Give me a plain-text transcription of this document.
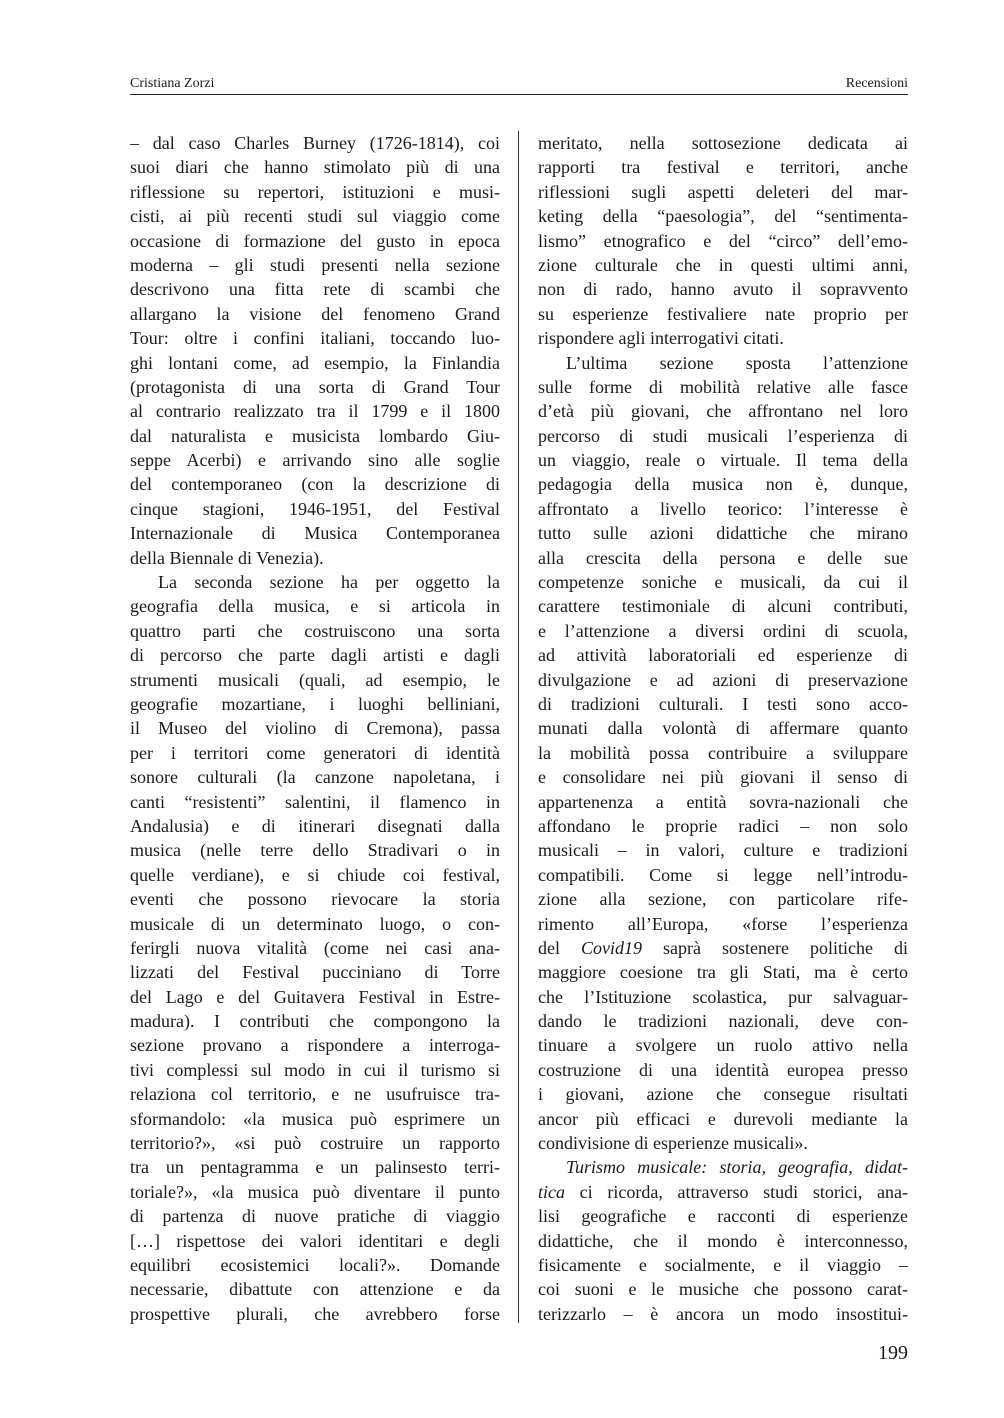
Cristiana Zorzi	Recensioni
– dal caso Charles Burney (1726-1814), coi
suoi diari che hanno stimolato più di una
riflessione su repertori, istituzioni e musi-
cisti, ai più recenti studi sul viaggio come
occasione di formazione del gusto in epoca
moderna – gli studi presenti nella sezione
descrivono una fitta rete di scambi che
allargano la visione del fenomeno Grand
Tour: oltre i confini italiani, toccando luo-
ghi lontani come, ad esempio, la Finlandia
(protagonista di una sorta di Grand Tour
al contrario realizzato tra il 1799 e il 1800
dal naturalista e musicista lombardo Giu-
seppe Acerbi) e arrivando sino alle soglie
del contemporaneo (con la descrizione di
cinque stagioni, 1946-1951, del Festival
Internazionale di Musica Contemporanea
della Biennale di Venezia).
La seconda sezione ha per oggetto la
geografia della musica, e si articola in
quattro parti che costruiscono una sorta
di percorso che parte dagli artisti e dagli
strumenti musicali (quali, ad esempio, le
geografie mozartiane, i luoghi belliniani,
il Museo del violino di Cremona), passa
per i territori come generatori di identità
sonore culturali (la canzone napoletana, i
canti “resistenti” salentini, il flamenco in
Andalusia) e di itinerari disegnati dalla
musica (nelle terre dello Stradivari o in
quelle verdiane), e si chiude coi festival,
eventi che possono rievocare la storia
musicale di un determinato luogo, o con-
ferirgli nuova vitalità (come nei casi ana-
lizzati del Festival pucciniano di Torre
del Lago e del Guitavera Festival in Estre-
madura). I contributi che compongono la
sezione provano a rispondere a interroga-
tivi complessi sul modo in cui il turismo si
relaziona col territorio, e ne usufruisce tra-
sformandolo: «la musica può esprimere un
territorio?», «si può costruire un rapporto
tra un pentagramma e un palinsesto terri-
toriale?», «la musica può diventare il punto
di partenza di nuove pratiche di viaggio
[…] rispettose dei valori identitari e degli
equilibri ecosistemici locali?». Domande
necessarie, dibattute con attenzione e da
prospettive plurali, che avrebbero forse
meritato, nella sottosezione dedicata ai
rapporti tra festival e territori, anche
riflessioni sugli aspetti deleteri del mar-
keting della “paesologia”, del “sentimenta-
lismo” etnografico e del “circo” dell’emo-
zione culturale che in questi ultimi anni,
non di rado, hanno avuto il sopravvento
su esperienze festivaliere nate proprio per
rispondere agli interrogativi citati.
L’ultima sezione sposta l’attenzione
sulle forme di mobilità relative alle fasce
d’età più giovani, che affrontano nel loro
percorso di studi musicali l’esperienza di
un viaggio, reale o virtuale. Il tema della
pedagogia della musica non è, dunque,
affrontato a livello teorico: l’interesse è
tutto sulle azioni didattiche che mirano
alla crescita della persona e delle sue
competenze soniche e musicali, da cui il
carattere testimoniale di alcuni contributi,
e l’attenzione a diversi ordini di scuola,
ad attività laboratoriali ed esperienze di
divulgazione e ad azioni di preservazione
di tradizioni culturali. I testi sono acco-
munati dalla volontà di affermare quanto
la mobilità possa contribuire a sviluppare
e consolidare nei più giovani il senso di
appartenenza a entità sovra-nazionali che
affondano le proprie radici – non solo
musicali – in valori, culture e tradizioni
compatibili. Come si legge nell’introdu-
zione alla sezione, con particolare rife-
rimento all’Europa, «forse l’esperienza
del Covid19 saprà sostenere politiche di
maggiore coesione tra gli Stati, ma è certo
che l’Istituzione scolastica, pur salvaguar-
dando le tradizioni nazionali, deve con-
tinuare a svolgere un ruolo attivo nella
costruzione di una identità europea presso
i giovani, azione che consegue risultati
ancor più efficaci e durevoli mediante la
condivisione di esperienze musicali».
Turismo musicale: storia, geografia, didat-
tica ci ricorda, attraverso studi storici, ana-
lisi geografiche e racconti di esperienze
didattiche, che il mondo è interconnesso,
fisicamente e socialmente, e il viaggio –
coi suoni e le musiche che possono carat-
terizzarlo – è ancora un modo insostitui-
199
